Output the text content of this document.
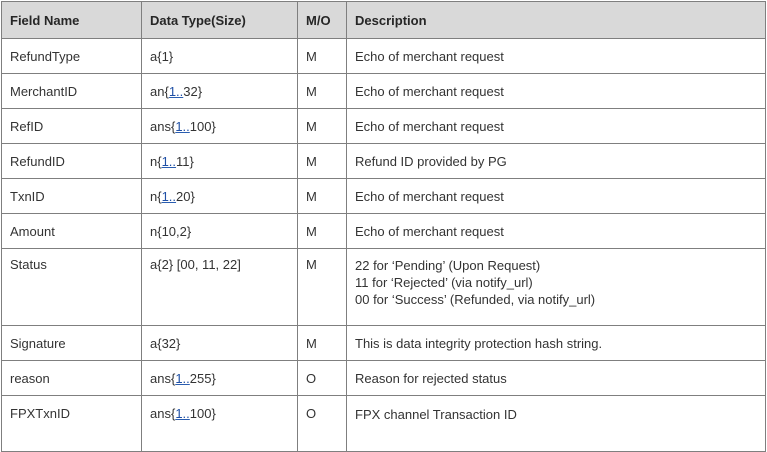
Field Name	Data Type(Size)	M/O	Description
RefundType	a{1}	M	Echo of merchant request

MerchantID	an{1..32}	M	Echo of merchant request

RefID	ans{1..100}	M	Echo of merchant request

RefundID	n{1..11}	M	Refund ID provided by PG

TxnID	n{1..20}	M	Echo of merchant request

Amount	n{10,2}	M	Echo of merchant request

Status	a{2} [00, 11, 22]	M	22 for ‘Pending’ (Upon Request)
11 for ‘Rejected’ (via notify_url)
00 for ‘Success’ (Refunded, via notify_url)

Signature	a{32}	M	This is data integrity protection hash string.

reason	ans{1..255}	O	Reason for rejected status

FPXTxnID	ans{1..100}	O	FPX channel Transaction ID
